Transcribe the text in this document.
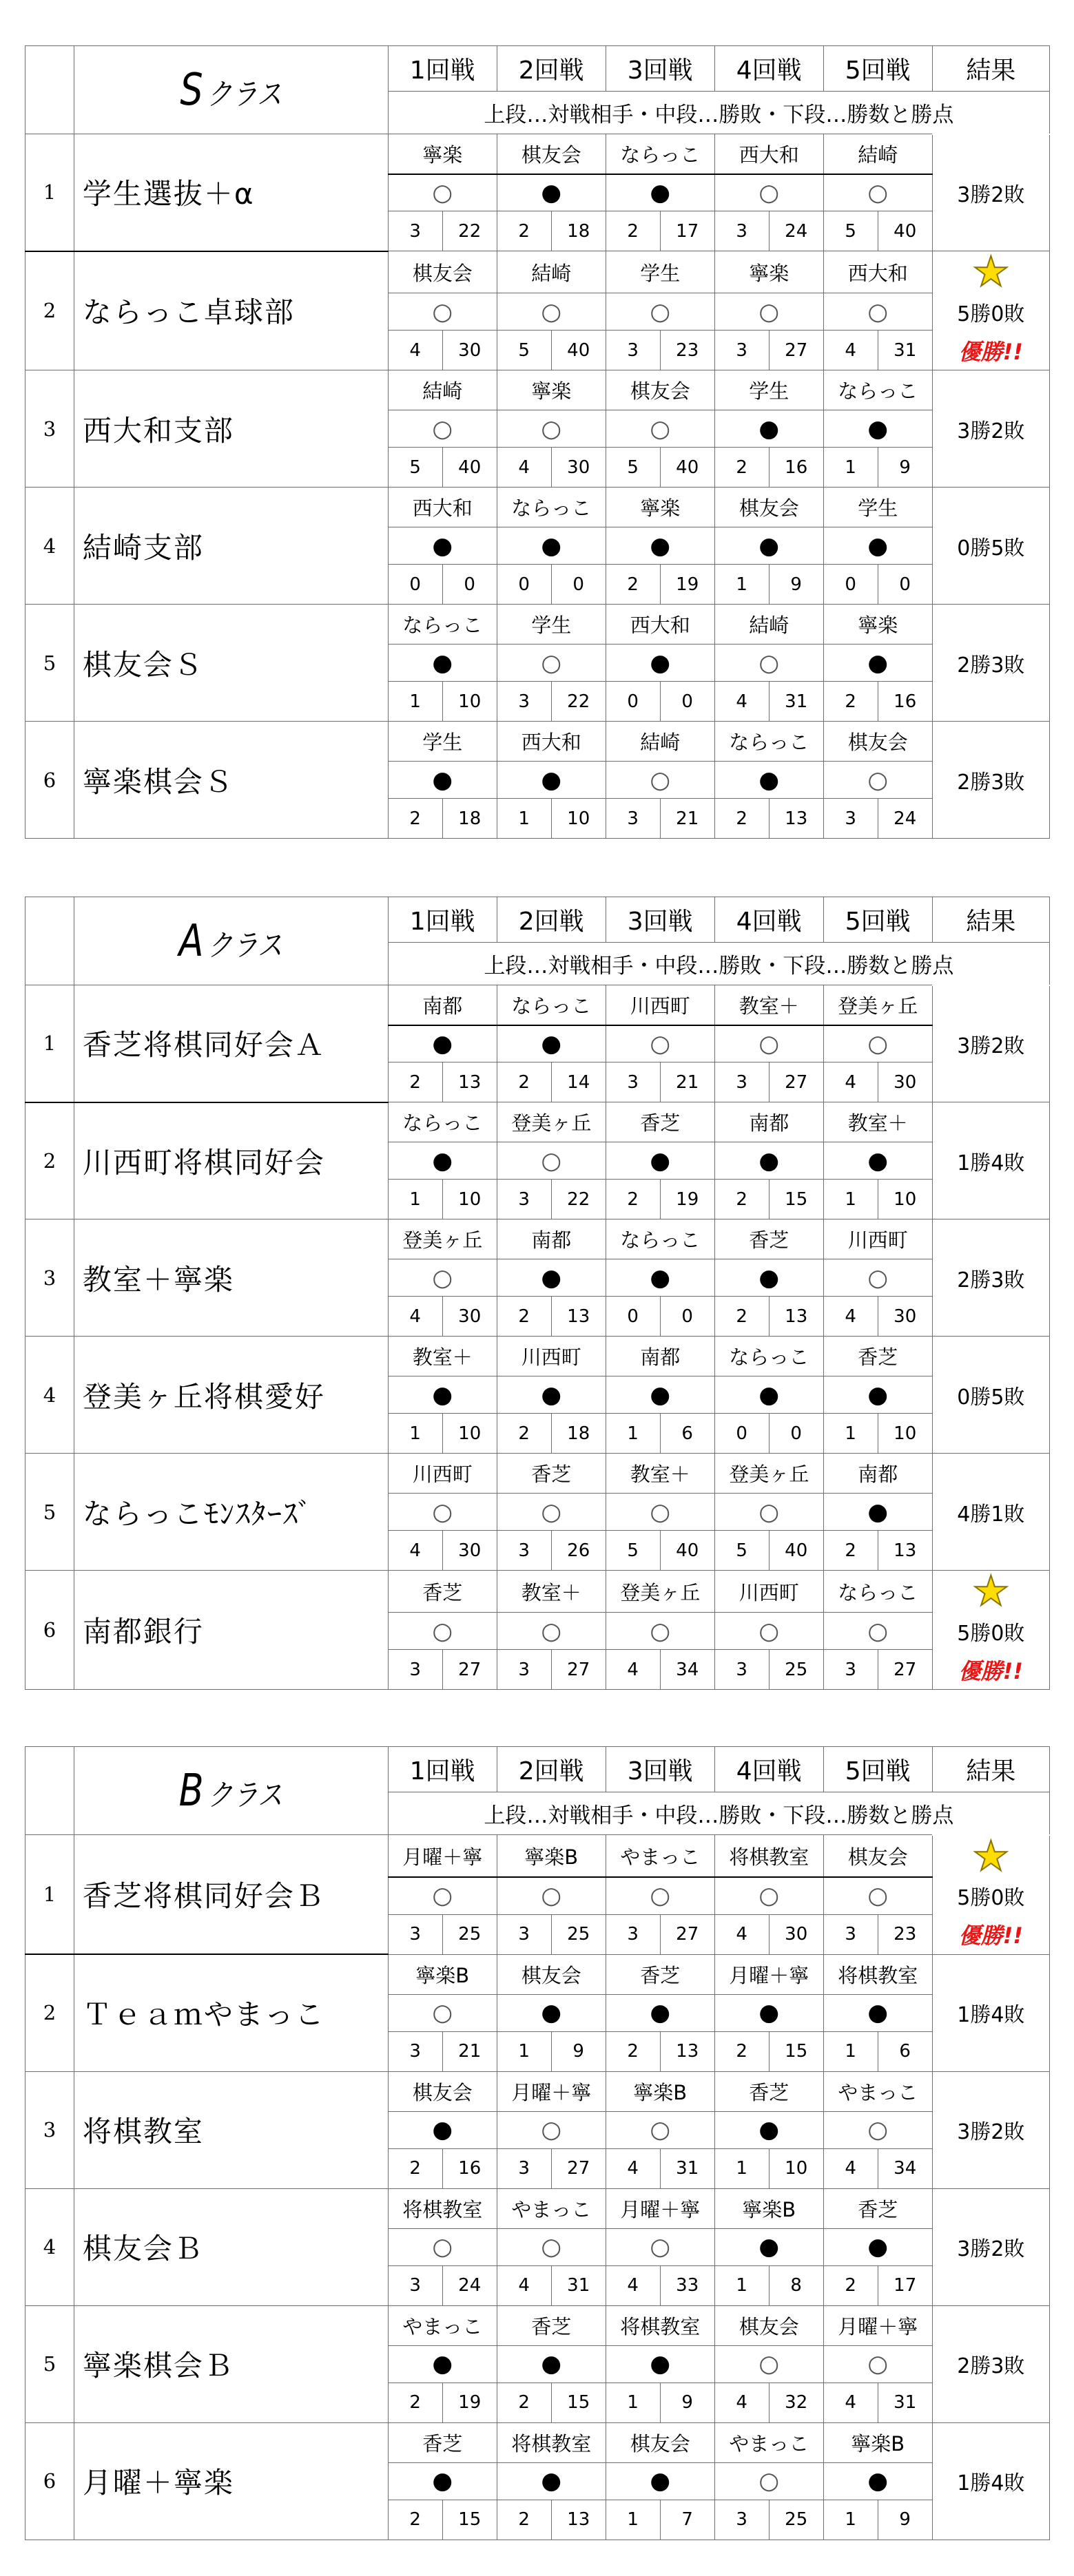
	S クラス	1回戦		2回戦		3回戦		4回戦		5回戦		結果
		上段…対戦相手・中段…勝敗・下段…勝数と勝点										
1	学生選抜＋α	寧楽		棋友会		ならっこ		西大和		結崎		
		○		●		●		○		○		3勝2敗
		3	22	2	18	2	17	3	24	5	40	
2	ならっこ卓球部	棋友会		結崎		学生		寧楽		西大和		★
		○		○		○		○		○		5勝0敗
		4	30	5	40	3	23	3	27	4	31	優勝!!
3	西大和支部	結崎		寧楽		棋友会		学生		ならっこ		
		○		○		○		●		●		3勝2敗
		5	40	4	30	5	40	2	16	1	9	
4	結崎支部	西大和		ならっこ		寧楽		棋友会		学生		
		●		●		●		●		●		0勝5敗
		0	0	0	0	2	19	1	9	0	0	
5	棋友会Ｓ	ならっこ		学生		西大和		結崎		寧楽		
		●		○		●		○		●		2勝3敗
		1	10	3	22	0	0	4	31	2	16	
6	寧楽棋会Ｓ	学生		西大和		結崎		ならっこ		棋友会		
		●		●		○		●		○		2勝3敗
		2	18	1	10	3	21	2	13	3	24	
	A クラス	1回戦		2回戦		3回戦		4回戦		5回戦		結果
		上段…対戦相手・中段…勝敗・下段…勝数と勝点										
1	香芝将棋同好会Ａ	南都		ならっこ		川西町		教室＋		登美ヶ丘		
		●		●		○		○		○		3勝2敗
		2	13	2	14	3	21	3	27	4	30	
2	川西町将棋同好会	ならっこ		登美ヶ丘		香芝		南都		教室＋		
		●		○		●		●		●		1勝4敗
		1	10	3	22	2	19	2	15	1	10	
3	教室＋寧楽	登美ヶ丘		南都		ならっこ		香芝		川西町		
		○		●		●		●		○		2勝3敗
		4	30	2	13	0	0	2	13	4	30	
4	登美ヶ丘将棋愛好	教室＋		川西町		南都		ならっこ		香芝		
		●		●		●		●		●		0勝5敗
		1	10	2	18	1	6	0	0	1	10	
5	ならっこﾓﾝｽﾀｰｽﾞ	川西町		香芝		教室＋		登美ヶ丘		南都		
		○		○		○		○		●		4勝1敗
		4	30	3	26	5	40	5	40	2	13	
6	南都銀行	香芝		教室＋		登美ヶ丘		川西町		ならっこ		★
		○		○		○		○		○		5勝0敗
		3	27	3	27	4	34	3	25	3	27	優勝!!
	B クラス	1回戦		2回戦		3回戦		4回戦		5回戦		結果
		上段…対戦相手・中段…勝敗・下段…勝数と勝点										
1	香芝将棋同好会Ｂ	月曜＋寧		寧楽B		やまっこ		将棋教室		棋友会		★
		○		○		○		○		○		5勝0敗
		3	25	3	25	3	27	4	30	3	23	優勝!!
2	Ｔｅａｍやまっこ	寧楽B		棋友会		香芝		月曜＋寧		将棋教室		
		○		●		●		●		●		1勝4敗
		3	21	1	9	2	13	2	15	1	6	
3	将棋教室	棋友会		月曜＋寧		寧楽B		香芝		やまっこ		
		●		○		○		●		○		3勝2敗
		2	16	3	27	4	31	1	10	4	34	
4	棋友会Ｂ	将棋教室		やまっこ		月曜＋寧		寧楽B		香芝		
		○		○		○		●		●		3勝2敗
		3	24	4	31	4	33	1	8	2	17	
5	寧楽棋会Ｂ	やまっこ		香芝		将棋教室		棋友会		月曜＋寧		
		●		●		●		○		○		2勝3敗
		2	19	2	15	1	9	4	32	4	31	
6	月曜＋寧楽	香芝		将棋教室		棋友会		やまっこ		寧楽B		
		●		●		●		○		●		1勝4敗
		2	15	2	13	1	7	3	25	1	9	
